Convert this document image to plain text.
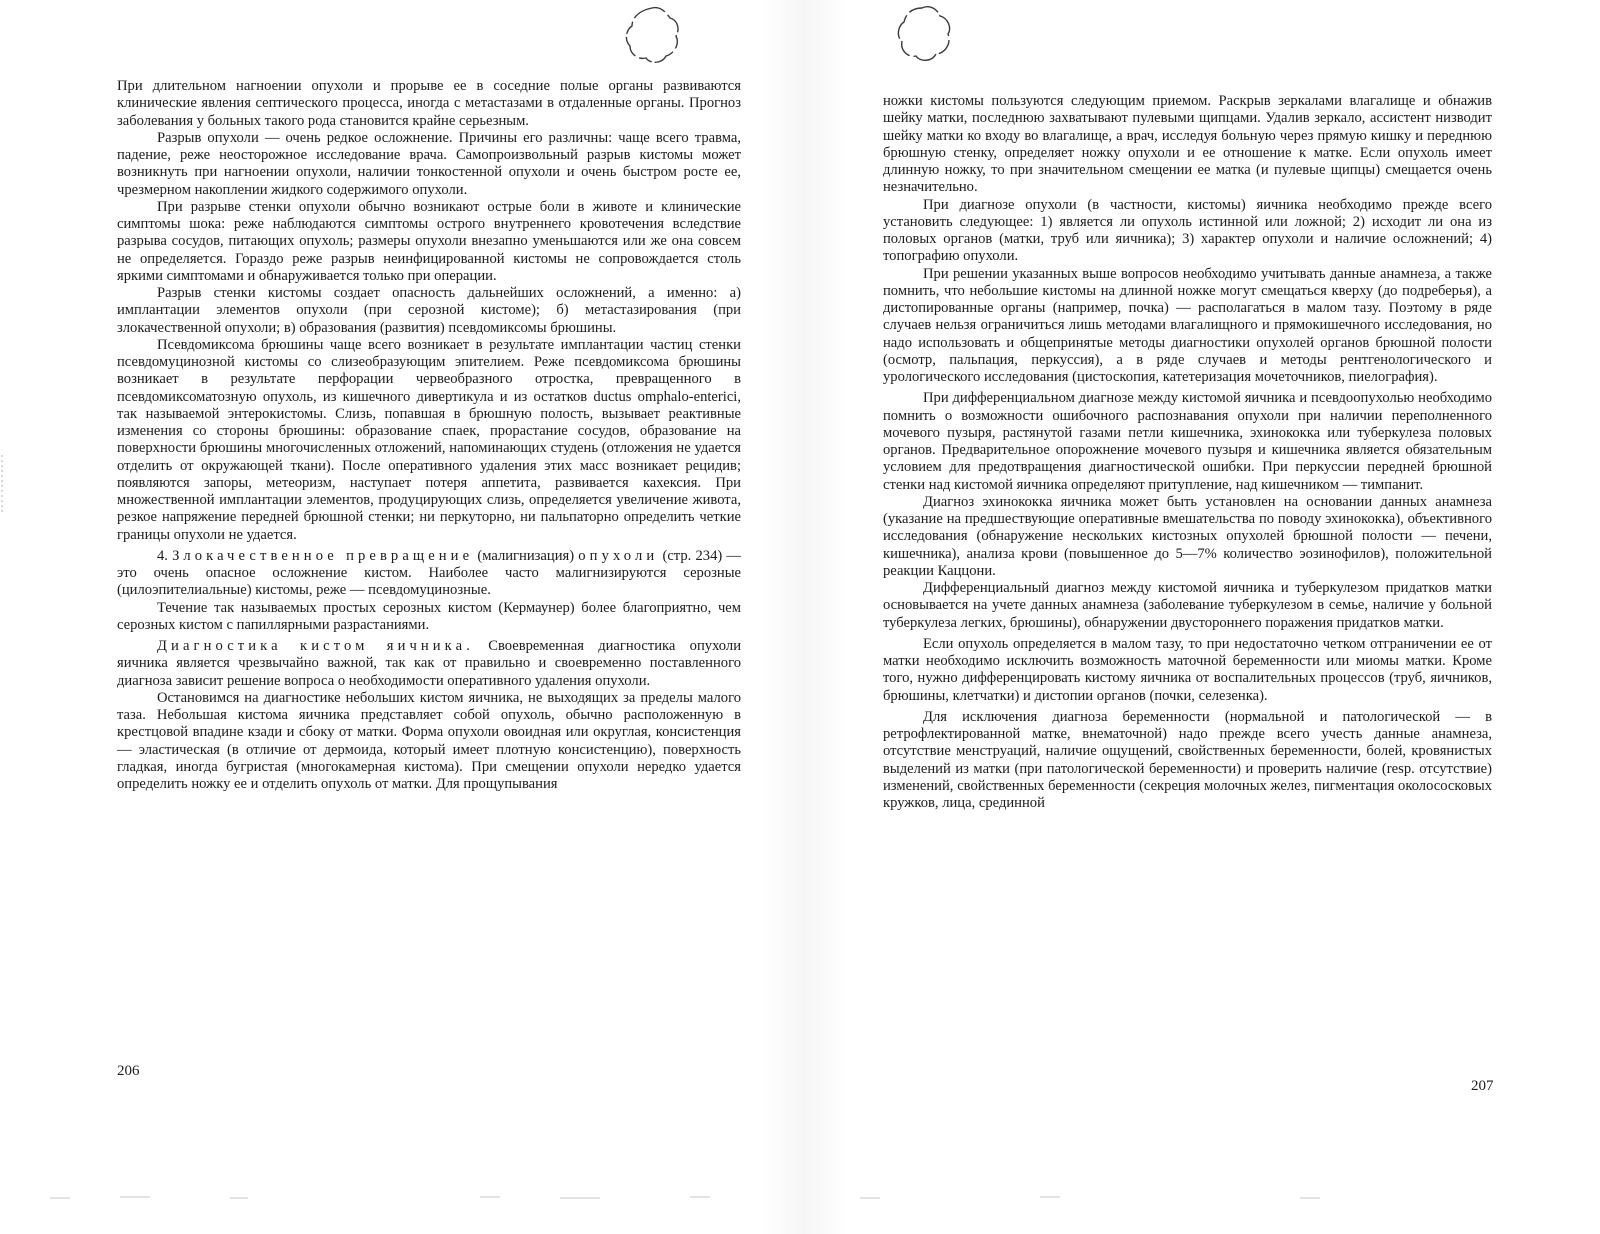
При длительном нагноении опухоли и прорыве ее в соседние полые органы развиваются клинические явления септического процесса, иногда с метастазами в отдаленные органы. Прогноз заболевания у больных такого рода становится крайне серьезным.

Разрыв опухоли — очень редкое осложнение. Причины его различны: чаще всего травма, падение, реже неосторожное исследование врача. Самопроизвольный разрыв кистомы может возникнуть при нагноении опухоли, наличии тонкостенной опухоли и очень быстром росте ее, чрезмерном накоплении жидкого содержимого опухоли.

При разрыве стенки опухоли обычно возникают острые боли в животе и клинические симптомы шока: реже наблюдаются симптомы острого внутреннего кровотечения вследствие разрыва сосудов, питающих опухоль; размеры опухоли внезапно уменьшаются или же она совсем не определяется. Гораздо реже разрыв неинфицированной кистомы не сопровождается столь яркими симптомами и обнаруживается только при операции.

Разрыв стенки кистомы создает опасность дальнейших осложнений, а именно: а) имплантации элементов опухоли (при серозной кистоме); б) метастазирования (при злокачественной опухоли; в) образования (развития) псевдомиксомы брюшины.

Псевдомиксома брюшины чаще всего возникает в результате имплантации частиц стенки псевдомуцинозной кистомы со слизеобразующим эпителием. Реже псевдомиксома брюшины возникает в результате перфорации червеобразного отростка, превращенного в псевдомиксоматозную опухоль, из кишечного дивертикула и из остатков ductus omphalo-enterici, так называемой энтерокистомы. Слизь, попавшая в брюшную полость, вызывает реактивные изменения со стороны брюшины: образование спаек, прорастание сосудов, образование на поверхности брюшины многочисленных отложений, напоминающих студень (отложения не удается отделить от окружающей ткани). После оперативного удаления этих масс возникает рецидив; появляются запоры, метеоризм, наступает потеря аппетита, развивается кахексия. При множественной имплантации элементов, продуцирующих слизь, определяется увеличение живота, резкое напряжение передней брюшной стенки; ни перкуторно, ни пальпаторно определить четкие границы опухоли не удается.

4. Злокачественное превращение (малигнизация) опухоли (стр. 234) — это очень опасное осложнение кистом. Наиболее часто малигнизируются серозные (цилоэпителиальные) кистомы, реже — псевдомуцинозные.

Течение так называемых простых серозных кистом (Кермаунер) более благоприятно, чем серозных кистом с папиллярными разрастаниями.

Диагностика кистом яичника. Своевременная диагностика опухоли яичника является чрезвычайно важной, так как от правильно и своевременно поставленного диагноза зависит решение вопроса о необходимости оперативного удаления опухоли.

Остановимся на диагностике небольших кистом яичника, не выходящих за пределы малого таза. Небольшая кистома яичника представляет собой опухоль, обычно расположенную в крестцовой впадине кзади и сбоку от матки. Форма опухоли овоидная или округлая, консистенция — эластическая (в отличие от дермоида, который имеет плотную консистенцию), поверхность гладкая, иногда бугристая (многокамерная кистома). При смещении опухоли нередко удается определить ножку ее и отделить опухоль от матки. Для прощупывания

206

ножки кистомы пользуются следующим приемом. Раскрыв зеркалами влагалище и обнажив шейку матки, последнюю захватывают пулевыми щипцами. Удалив зеркало, ассистент низводит шейку матки ко входу во влагалище, а врач, исследуя больную через прямую кишку и переднюю брюшную стенку, определяет ножку опухоли и ее отношение к матке. Если опухоль имеет длинную ножку, то при значительном смещении ее матка (и пулевые щипцы) смещается очень незначительно.

При диагнозе опухоли (в частности, кистомы) яичника необходимо прежде всего установить следующее: 1) является ли опухоль истинной или ложной; 2) исходит ли она из половых органов (матки, труб или яичника); 3) характер опухоли и наличие осложнений; 4) топографию опухоли.

При решении указанных выше вопросов необходимо учитывать данные анамнеза, а также помнить, что небольшие кистомы на длинной ножке могут смещаться кверху (до подреберья), а дистопированные органы (например, почка) — располагаться в малом тазу. Поэтому в ряде случаев нельзя ограничиться лишь методами влагалищного и прямокишечного исследования, но надо использовать и общепринятые методы диагностики опухолей органов брюшной полости (осмотр, пальпация, перкуссия), а в ряде случаев и методы рентгенологического и урологического исследования (цистоскопия, катетеризация мочеточников, пиелография).

При дифференциальном диагнозе между кистомой яичника и псевдоопухолью необходимо помнить о возможности ошибочного распознавания опухоли при наличии переполненного мочевого пузыря, растянутой газами петли кишечника, эхинококка или туберкулеза половых органов. Предварительное опорожнение мочевого пузыря и кишечника является обязательным условием для предотвращения диагностической ошибки. При перкуссии передней брюшной стенки над кистомой яичника определяют притупление, над кишечником — тимпанит.

Диагноз эхинококка яичника может быть установлен на основании данных анамнеза (указание на предшествующие оперативные вмешательства по поводу эхинококка), объективного исследования (обнаружение нескольких кистозных опухолей брюшной полости — печени, кишечника), анализа крови (повышенное до 5—7% количество эозинофилов), положительной реакции Каццони.

Дифференциальный диагноз между кистомой яичника и туберкулезом придатков матки основывается на учете данных анамнеза (заболевание туберкулезом в семье, наличие у больной туберкулеза легких, брюшины), обнаружении двустороннего поражения придатков матки.

Если опухоль определяется в малом тазу, то при недостаточно четком отграничении ее от матки необходимо исключить возможность маточной беременности или миомы матки. Кроме того, нужно дифференцировать кистому яичника от воспалительных процессов (труб, яичников, брюшины, клетчатки) и дистопии органов (почки, селезенка).

Для исключения диагноза беременности (нормальной и патологической — в ретрофлектированной матке, внематочной) надо прежде всего учесть данные анамнеза, отсутствие менструаций, наличие ощущений, свойственных беременности, болей, кровянистых выделений из матки (при патологической беременности) и проверить наличие (resp. отсутствие) изменений, свойственных беременности (секреция молочных желез, пигментация околососковых кружков, лица, срединной

207
